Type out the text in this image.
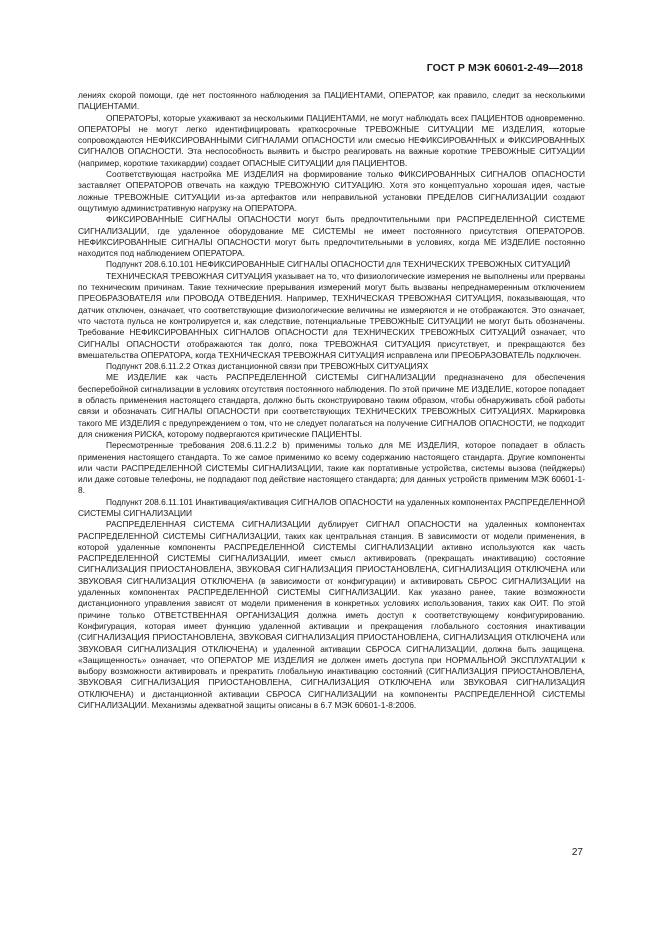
ГОСТ Р МЭК 60601-2-49—2018

лениях скорой помощи, где нет постоянного наблюдения за ПАЦИЕНТАМИ, ОПЕРАТОР, как правило, следит за несколькими ПАЦИЕНТАМИ.

ОПЕРАТОРЫ, которые ухаживают за несколькими ПАЦИЕНТАМИ, не могут наблюдать всех ПАЦИЕНТОВ одновременно. ОПЕРАТОРЫ не могут легко идентифицировать краткосрочные ТРЕВОЖНЫЕ СИТУАЦИИ МЕ ИЗДЕЛИЯ, которые сопровождаются НЕФИКСИРОВАННЫМИ СИГНАЛАМИ ОПАСНОСТИ или смесью НЕФИКСИРОВАННЫХ и ФИКСИРОВАННЫХ СИГНАЛОВ ОПАСНОСТИ. Эта неспособность выявить и быстро реагировать на важные короткие ТРЕВОЖНЫЕ СИТУАЦИИ (например, короткие тахикардии) создает ОПАСНЫЕ СИТУАЦИИ для ПАЦИЕНТОВ.

Соответствующая настройка МЕ ИЗДЕЛИЯ на формирование только ФИКСИРОВАННЫХ СИГНАЛОВ ОПАСНОСТИ заставляет ОПЕРАТОРОВ отвечать на каждую ТРЕВОЖНУЮ СИТУАЦИЮ. Хотя это концептуально хорошая идея, частые ложные ТРЕВОЖНЫЕ СИТУАЦИИ из-за артефактов или неправильной установки ПРЕДЕЛОВ СИГНАЛИЗАЦИИ создают ощутимую административную нагрузку на ОПЕРАТОРА.

ФИКСИРОВАННЫЕ СИГНАЛЫ ОПАСНОСТИ могут быть предпочтительными при РАСПРЕДЕЛЕННОЙ СИСТЕМЕ СИГНАЛИЗАЦИИ, где удаленное оборудование МЕ СИСТЕМЫ не имеет постоянного присутствия ОПЕРАТОРОВ. НЕФИКСИРОВАННЫЕ СИГНАЛЫ ОПАСНОСТИ могут быть предпочтительными в условиях, когда МЕ ИЗДЕЛИЕ постоянно находится под наблюдением ОПЕРАТОРА.

Подпункт 208.6.10.101 НЕФИКСИРОВАННЫЕ СИГНАЛЫ ОПАСНОСТИ для ТЕХНИЧЕСКИХ ТРЕВОЖНЫХ СИТУАЦИЙ

ТЕХНИЧЕСКАЯ ТРЕВОЖНАЯ СИТУАЦИЯ указывает на то, что физиологические измерения не выполнены или прерваны по техническим причинам. Такие технические прерывания измерений могут быть вызваны непреднамеренным отключением ПРЕОБРАЗОВАТЕЛЯ или ПРОВОДА ОТВЕДЕНИЯ. Например, ТЕХНИЧЕСКАЯ ТРЕВОЖНАЯ СИТУАЦИЯ, показывающая, что датчик отключен, означает, что соответствующие физиологические величины не измеряются и не отображаются. Это означает, что частота пульса не контролируется и, как следствие, потенциальные ТРЕВОЖНЫЕ СИТУАЦИИ не могут быть обозначены. Требование НЕФИКСИРОВАННЫХ СИГНАЛОВ ОПАСНОСТИ для ТЕХНИЧЕСКИХ ТРЕВОЖНЫХ СИТУАЦИЙ означает, что СИГНАЛЫ ОПАСНОСТИ отображаются так долго, пока ТРЕВОЖНАЯ СИТУАЦИЯ присутствует, и прекращаются без вмешательства ОПЕРАТОРА, когда ТЕХНИЧЕСКАЯ ТРЕВОЖНАЯ СИТУАЦИЯ исправлена или ПРЕОБРАЗОВАТЕЛЬ подключен.

Подпункт 208.6.11.2.2 Отказ дистанционной связи при ТРЕВОЖНЫХ СИТУАЦИЯХ

МЕ ИЗДЕЛИЕ как часть РАСПРЕДЕЛЕННОЙ СИСТЕМЫ СИГНАЛИЗАЦИИ предназначено для обеспечения бесперебойной сигнализации в условиях отсутствия постоянного наблюдения. По этой причине МЕ ИЗДЕЛИЕ, которое попадает в область применения настоящего стандарта, должно быть сконструировано таким образом, чтобы обнаруживать сбой работы связи и обозначать СИГНАЛЫ ОПАСНОСТИ при соответствующих ТЕХНИЧЕСКИХ ТРЕВОЖНЫХ СИТУАЦИЯХ. Маркировка такого МЕ ИЗДЕЛИЯ с предупреждением о том, что не следует полагаться на получение СИГНАЛОВ ОПАСНОСТИ, не подходит для снижения РИСКА, которому подвергаются критические ПАЦИЕНТЫ.

Пересмотренные требования 208.6.11.2.2 b) применимы только для МЕ ИЗДЕЛИЯ, которое попадает в область применения настоящего стандарта. То же самое применимо ко всему содержанию настоящего стандарта. Другие компоненты или части РАСПРЕДЕЛЕННОЙ СИСТЕМЫ СИГНАЛИЗАЦИИ, такие как портативные устройства, системы вызова (пейджеры) или даже сотовые телефоны, не подпадают под действие настоящего стандарта; для данных устройств применим МЭК 60601-1-8.

Подпункт 208.6.11.101 Инактивация/активация СИГНАЛОВ ОПАСНОСТИ на удаленных компонентах РАСПРЕДЕЛЕННОЙ СИСТЕМЫ СИГНАЛИЗАЦИИ

РАСПРЕДЕЛЕННАЯ СИСТЕМА СИГНАЛИЗАЦИИ дублирует СИГНАЛ ОПАСНОСТИ на удаленных компонентах РАСПРЕДЕЛЕННОЙ СИСТЕМЫ СИГНАЛИЗАЦИИ, таких как центральная станция. В зависимости от модели применения, в которой удаленные компоненты РАСПРЕДЕЛЕННОЙ СИСТЕМЫ СИГНАЛИЗАЦИИ активно используются как часть РАСПРЕДЕЛЕННОЙ СИСТЕМЫ СИГНАЛИЗАЦИИ, имеет смысл активировать (прекращать инактивацию) состояние СИГНАЛИЗАЦИЯ ПРИОСТАНОВЛЕНА, ЗВУКОВАЯ СИГНАЛИЗАЦИЯ ПРИОСТАНОВЛЕНА, СИГНАЛИЗАЦИЯ ОТКЛЮЧЕНА или ЗВУКОВАЯ СИГНАЛИЗАЦИЯ ОТКЛЮЧЕНА (в зависимости от конфигурации) и активировать СБРОС СИГНАЛИЗАЦИИ на удаленных компонентах РАСПРЕДЕЛЕННОЙ СИСТЕМЫ СИГНАЛИЗАЦИИ. Как указано ранее, такие возможности дистанционного управления зависят от модели применения в конкретных условиях использования, таких как ОИТ. По этой причине только ОТВЕТСТВЕННАЯ ОРГАНИЗАЦИЯ должна иметь доступ к соответствующему конфигурированию. Конфигурация, которая имеет функцию удаленной активации и прекращения глобального состояния инактивации (СИГНАЛИЗАЦИЯ ПРИОСТАНОВЛЕНА, ЗВУКОВАЯ СИГНАЛИЗАЦИЯ ПРИОСТАНОВЛЕНА, СИГНАЛИЗАЦИЯ ОТКЛЮЧЕНА или ЗВУКОВАЯ СИГНАЛИЗАЦИЯ ОТКЛЮЧЕНА) и удаленной активации СБРОСА СИГНАЛИЗАЦИИ, должна быть защищена. «Защищенность» означает, что ОПЕРАТОР МЕ ИЗДЕЛИЯ не должен иметь доступа при НОРМАЛЬНОЙ ЭКСПЛУАТАЦИИ к выбору возможности активировать и прекратить глобальную инактивацию состояний (СИГНАЛИЗАЦИЯ ПРИОСТАНОВЛЕНА, ЗВУКОВАЯ СИГНАЛИЗАЦИЯ ПРИОСТАНОВЛЕНА, СИГНАЛИЗАЦИЯ ОТКЛЮЧЕНА или ЗВУКОВАЯ СИГНАЛИЗАЦИЯ ОТКЛЮЧЕНА) и дистанционной активации СБРОСА СИГНАЛИЗАЦИИ на компоненты РАСПРЕДЕЛЕННОЙ СИСТЕМЫ СИГНАЛИЗАЦИИ. Механизмы адекватной защиты описаны в 6.7 МЭК 60601-1-8:2006.

27
